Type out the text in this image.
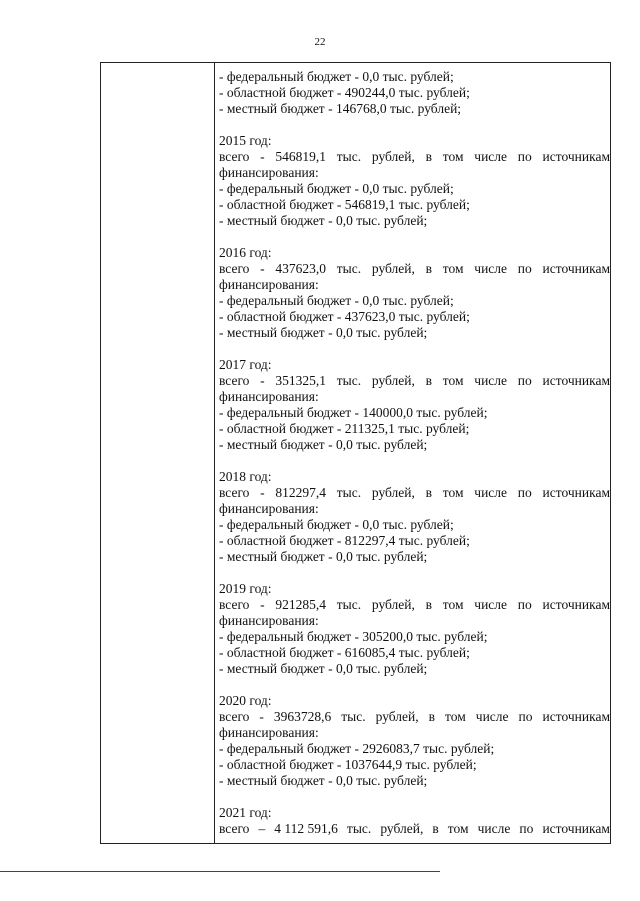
22
- федеральный бюджет - 0,0 тыс. рублей;
- областной бюджет - 490244,0 тыс. рублей;
- местный бюджет - 146768,0 тыс. рублей;
2015 год:
всего - 546819,1 тыс. рублей, в том числе по источникам
финансирования:
- федеральный бюджет - 0,0 тыс. рублей;
- областной бюджет - 546819,1 тыс. рублей;
- местный бюджет - 0,0 тыс. рублей;
2016 год:
всего - 437623,0 тыс. рублей, в том числе по источникам
финансирования:
- федеральный бюджет - 0,0 тыс. рублей;
- областной бюджет - 437623,0 тыс. рублей;
- местный бюджет - 0,0 тыс. рублей;
2017 год:
всего - 351325,1 тыс. рублей, в том числе по источникам
финансирования:
- федеральный бюджет - 140000,0 тыс. рублей;
- областной бюджет - 211325,1 тыс. рублей;
- местный бюджет - 0,0 тыс. рублей;
2018 год:
всего - 812297,4 тыс. рублей, в том числе по источникам
финансирования:
- федеральный бюджет - 0,0 тыс. рублей;
- областной бюджет - 812297,4 тыс. рублей;
- местный бюджет - 0,0 тыс. рублей;
2019 год:
всего - 921285,4 тыс. рублей, в том числе по источникам
финансирования:
- федеральный бюджет - 305200,0 тыс. рублей;
- областной бюджет - 616085,4 тыс. рублей;
- местный бюджет - 0,0 тыс. рублей;
2020 год:
всего - 3963728,6 тыс. рублей, в том числе по источникам
финансирования:
- федеральный бюджет - 2926083,7 тыс. рублей;
- областной бюджет - 1037644,9 тыс. рублей;
- местный бюджет - 0,0 тыс. рублей;
2021 год:
всего – 4 112 591,6 тыс. рублей, в том числе по источникам
